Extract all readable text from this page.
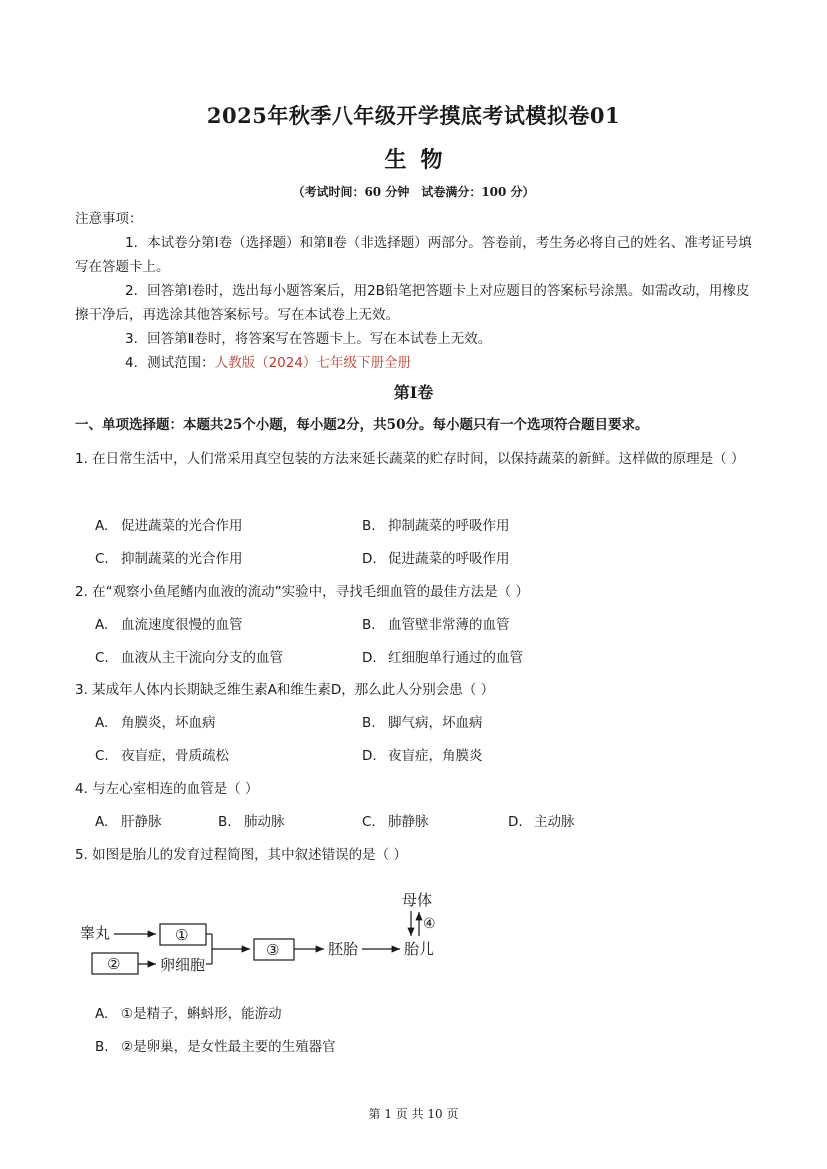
2025年秋季八年级开学摸底考试模拟卷01
生物
（考试时间：60 分钟　试卷满分：100 分）
注意事项：
1．本试卷分第Ⅰ卷（选择题）和第Ⅱ卷（非选择题）两部分。答卷前，考生务必将自己的姓名、准考证号填写在答题卡上。
2．回答第Ⅰ卷时，选出每小题答案后，用2B铅笔把答题卡上对应题目的答案标号涂黑。如需改动，用橡皮擦干净后，再选涂其他答案标号。写在本试卷上无效。
3．回答第Ⅱ卷时，将答案写在答题卡上。写在本试卷上无效。
4．测试范围：人教版（2024）七年级下册全册
第Ⅰ卷
一、单项选择题：本题共25个小题，每小题2分，共50分。每小题只有一个选项符合题目要求。
1. 在日常生活中，人们常采用真空包装的方法来延长蔬菜的贮存时间，以保持蔬菜的新鲜。这样做的原理是（ ）
A. 促进蔬菜的光合作用	B. 抑制蔬菜的呼吸作用
C. 抑制蔬菜的光合作用	D. 促进蔬菜的呼吸作用
2. 在“观察小鱼尾鳍内血液的流动”实验中，寻找毛细血管的最佳方法是（ ）
A. 血流速度很慢的血管	B. 血管壁非常薄的血管
C. 血液从主干流向分支的血管	D. 红细胞单行通过的血管
3. 某成年人体内长期缺乏维生素A和维生素D，那么此人分别会患（ ）
A. 角膜炎，坏血病	B. 脚气病，坏血病
C. 夜盲症，骨质疏松	D. 夜盲症，角膜炎
4. 与左心室相连的血管是（ ）
A. 肝静脉	B. 肺动脉	C. 肺静脉	D. 主动脉
5. 如图是胎儿的发育过程简图，其中叙述错误的是（ ）
睾丸	①
②	卵细胞
③	胚胎	胎儿
母体
④
A. ①是精子，蝌蚪形，能游动
B. ②是卵巢，是女性最主要的生殖器官
第 1 页 共 10 页
